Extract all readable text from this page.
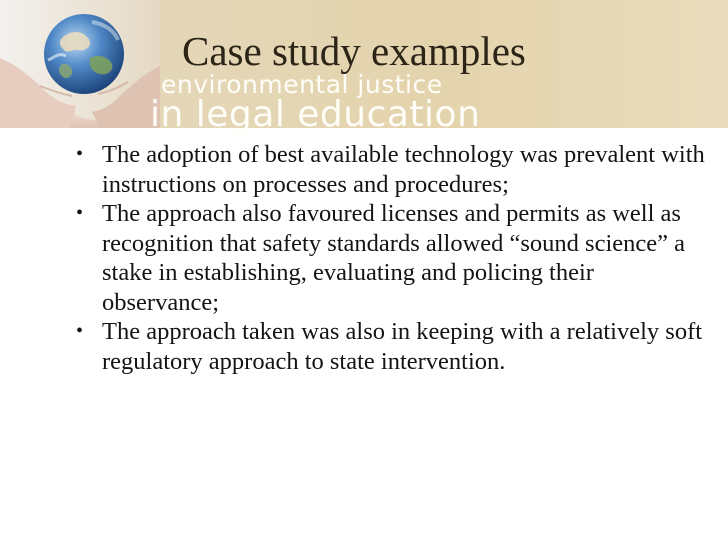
Case study examples
environmental justice
in legal education
• The adoption of best available technology was prevalent with instructions on processes and procedures;
• The approach also favoured licenses and permits as well as recognition that safety standards allowed “sound science” a stake in establishing, evaluating and policing their observance;
• The approach taken was also in keeping with a relatively soft regulatory approach to state intervention.
